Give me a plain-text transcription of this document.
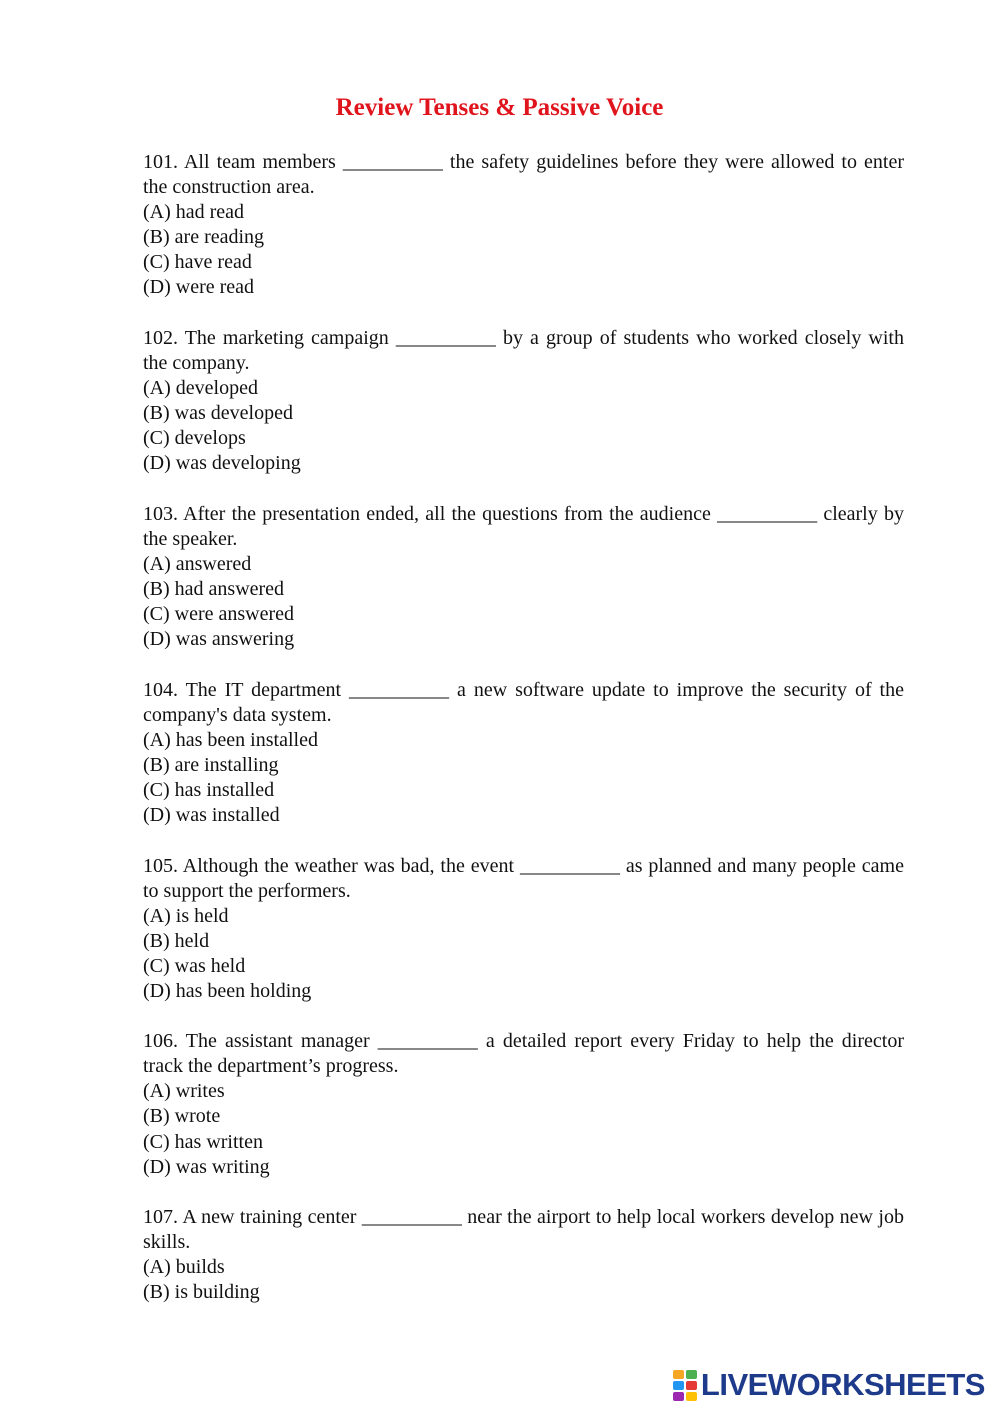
Review Tenses & Passive Voice

101. All team members __________ the safety guidelines before they were allowed to enter the construction area.

(A) had read

(B) are reading

(C) have read

(D) were read

102. The marketing campaign __________ by a group of students who worked closely with the company.

(A) developed

(B) was developed

(C) develops

(D) was developing

103. After the presentation ended, all the questions from the audience __________ clearly by the speaker.

(A) answered

(B) had answered

(C) were answered

(D) was answering

104. The IT department __________ a new software update to improve the security of the company's data system.

(A) has been installed

(B) are installing

(C) has installed

(D) was installed

105. Although the weather was bad, the event __________ as planned and many people came to support the performers.

(A) is held

(B) held

(C) was held

(D) has been holding

106. The assistant manager __________ a detailed report every Friday to help the director track the department’s progress.

(A) writes

(B) wrote

(C) has written

(D) was writing

107. A new training center __________ near the airport to help local workers develop new job skills.

(A) builds

(B) is building

LIVEWORKSHEETS
